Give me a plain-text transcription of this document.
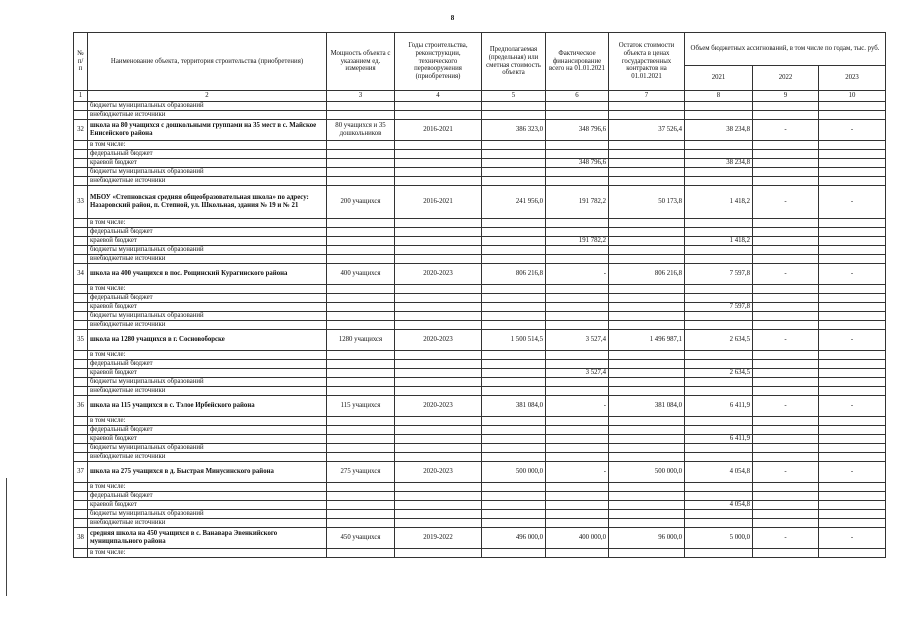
8
№ п/п	Наименование объекта, территория строительства (приобретения)	Мощность объекта с указанием ед. измерения	Годы строительства, реконструкции, технического перевооружения (приобретения)	Предполагаемая (предельная) или сметная стоимость объекта	Фактическое финансирование всего на 01.01.2021	Остаток стоимости объекта в ценах государственных контрактов на 01.01.2021	Объем бюджетных ассигнований, в том числе по годам, тыс. руб.		
							2021	2022	2023
1	2	3	4	5	6	7	8	9	10
	бюджеты муниципальных образований								
	внебюджетные источники								
32	школа на 80 учащихся с дошкольными группами на 35 мест в с. Майское Енисейского района	80 учащихся и 35 дошкольников	2016-2021	386 323,0	348 796,6	37 526,4	38 234,8	-	-
	в том числе:								
	федеральный бюджет								
	краевой бюджет				348 796,6		38 234,8		
	бюджеты муниципальных образований								
	внебюджетные источники								
33	МБОУ «Степновская средняя общеобразовательная школа» по адресу: Назаровский район, п. Степной, ул. Школьная, здания № 19 и № 21	200 учащихся	2016-2021	241 956,0	191 782,2	50 173,8	1 418,2	-	-
	в том числе:								
	федеральный бюджет								
	краевой бюджет				191 782,2		1 418,2		
	бюджеты муниципальных образований								
	внебюджетные источники								
34	школа на 400 учащихся в пос. Рощинский Курагинского района	400 учащихся	2020-2023	806 216,8	-	806 216,8	7 597,8	-	-
	в том числе:								
	федеральный бюджет								
	краевой бюджет						7 597,8		
	бюджеты муниципальных образований								
	внебюджетные источники								
35	школа на 1280 учащихся в г. Сосновоборске	1280 учащихся	2020-2023	1 500 514,5	3 527,4	1 496 987,1	2 634,5	-	-
	в том числе:								
	федеральный бюджет								
	краевой бюджет				3 527,4		2 634,5		
	бюджеты муниципальных образований								
	внебюджетные источники								
36	школа на 115 учащихся в с. Тэлое Ирбейского района	115 учащихся	2020-2023	381 084,0	-	381 084,0	6 411,9	-	-
	в том числе:								
	федеральный бюджет								
	краевой бюджет						6 411,9		
	бюджеты муниципальных образований								
	внебюджетные источники								
37	школа на 275 учащихся в д. Быстрая Минусинского района	275 учащихся	2020-2023	500 000,0	-	500 000,0	4 054,8	-	-
	в том числе:								
	федеральный бюджет								
	краевой бюджет						4 054,8		
	бюджеты муниципальных образований								
	внебюджетные источники								
38	средняя школа на 450 учащихся в с. Ванавара Эвенкийского муниципального района	450 учащихся	2019-2022	496 000,0	400 000,0	96 000,0	5 000,0	-	-
	в том числе:								
